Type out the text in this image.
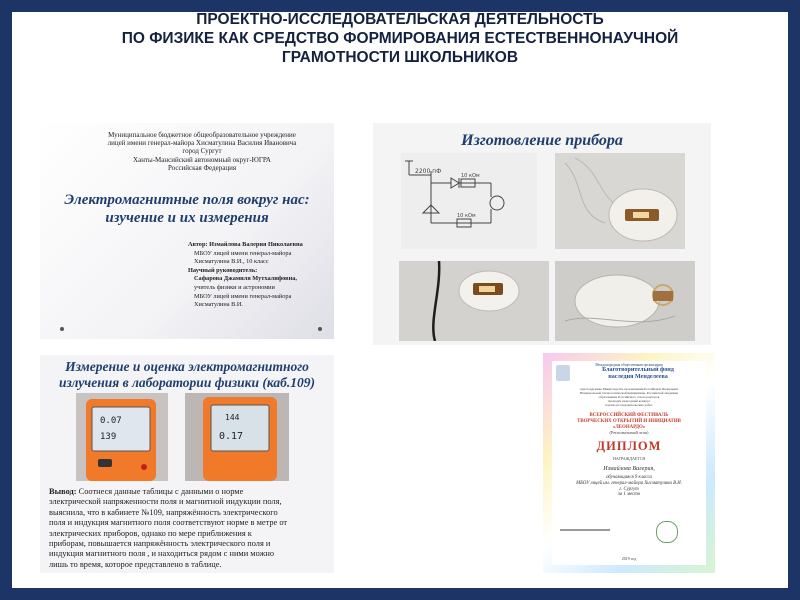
ПРОЕКТНО-ИССЛЕДОВАТЕЛЬСКАЯ ДЕЯТЕЛЬНОСТЬ
ПО ФИЗИКЕ КАК СРЕДСТВО ФОРМИРОВАНИЯ ЕСТЕСТВЕННОНАУЧНОЙ
ГРАМОТНОСТИ ШКОЛЬНИКОВ
Муниципальное бюджетное общеобразовательное учреждение
лицей имени генерал-майора Хисматулина Василия Ивановича
город Сургут
Ханты-Мансийский автономный округ-ЮГРА
Российская Федерация
Электромагнитные поля вокруг нас:
изучение и их измерения
Автор: Измайлова Валерия Николаевна
МБОУ лицей имени генерал-майора
Хисматулина В.И., 10 класс
Научный руководитель:
Сафарова Джамиля Мутхалифовна,
учитель физики и астрономии
МБОУ лицей имени генерал-майора
Хисматулина В.И.
Изготовление прибора
2200 пФ
10 кОм
10 кОм
Измерение и оценка электромагнитного
излучения в лаборатории физики (каб.109)
0.07
139
144
0.17
Вывод: Соотнеся данные таблицы с данными о норме
электрической напряженности поля и магнитной индукции поля,
выяснила, что в кабинете №109, напряжённость электрического
поля и индукция магнитного поля соответствуют норме в метре от
электрических приборов, однако по мере приближения к
приборам, повышается напряжённость электрического поля и
индукция магнитного поля , и находиться рядом с ними можно
лишь то время, которое представлено в таблице.
Международная общественная организация
Благотворительный фонд
наследия Менделеева
при поддержке Министерства просвещения Российской Федерации
Национальной технологической инициативы, Российской академии
образования, Российского союза ректоров
проводит ежегодный конкурс
научно-исследовательских работ
ВСЕРОССИЙСКИЙ ФЕСТИВАЛЬ
ТВОРЧЕСКИХ ОТКРЫТИЙ И ИНИЦИАТИВ
«ЛЕОНАРДО»
(Региональный этап)
ДИПЛОМ
НАГРАЖДАЕТСЯ
Измайлова Валерия,
обучающаяся 9 класса
МБОУ лицей им. генерал-майора Хисматулина В.И.
г. Сургут
за 1 место
2019 год
